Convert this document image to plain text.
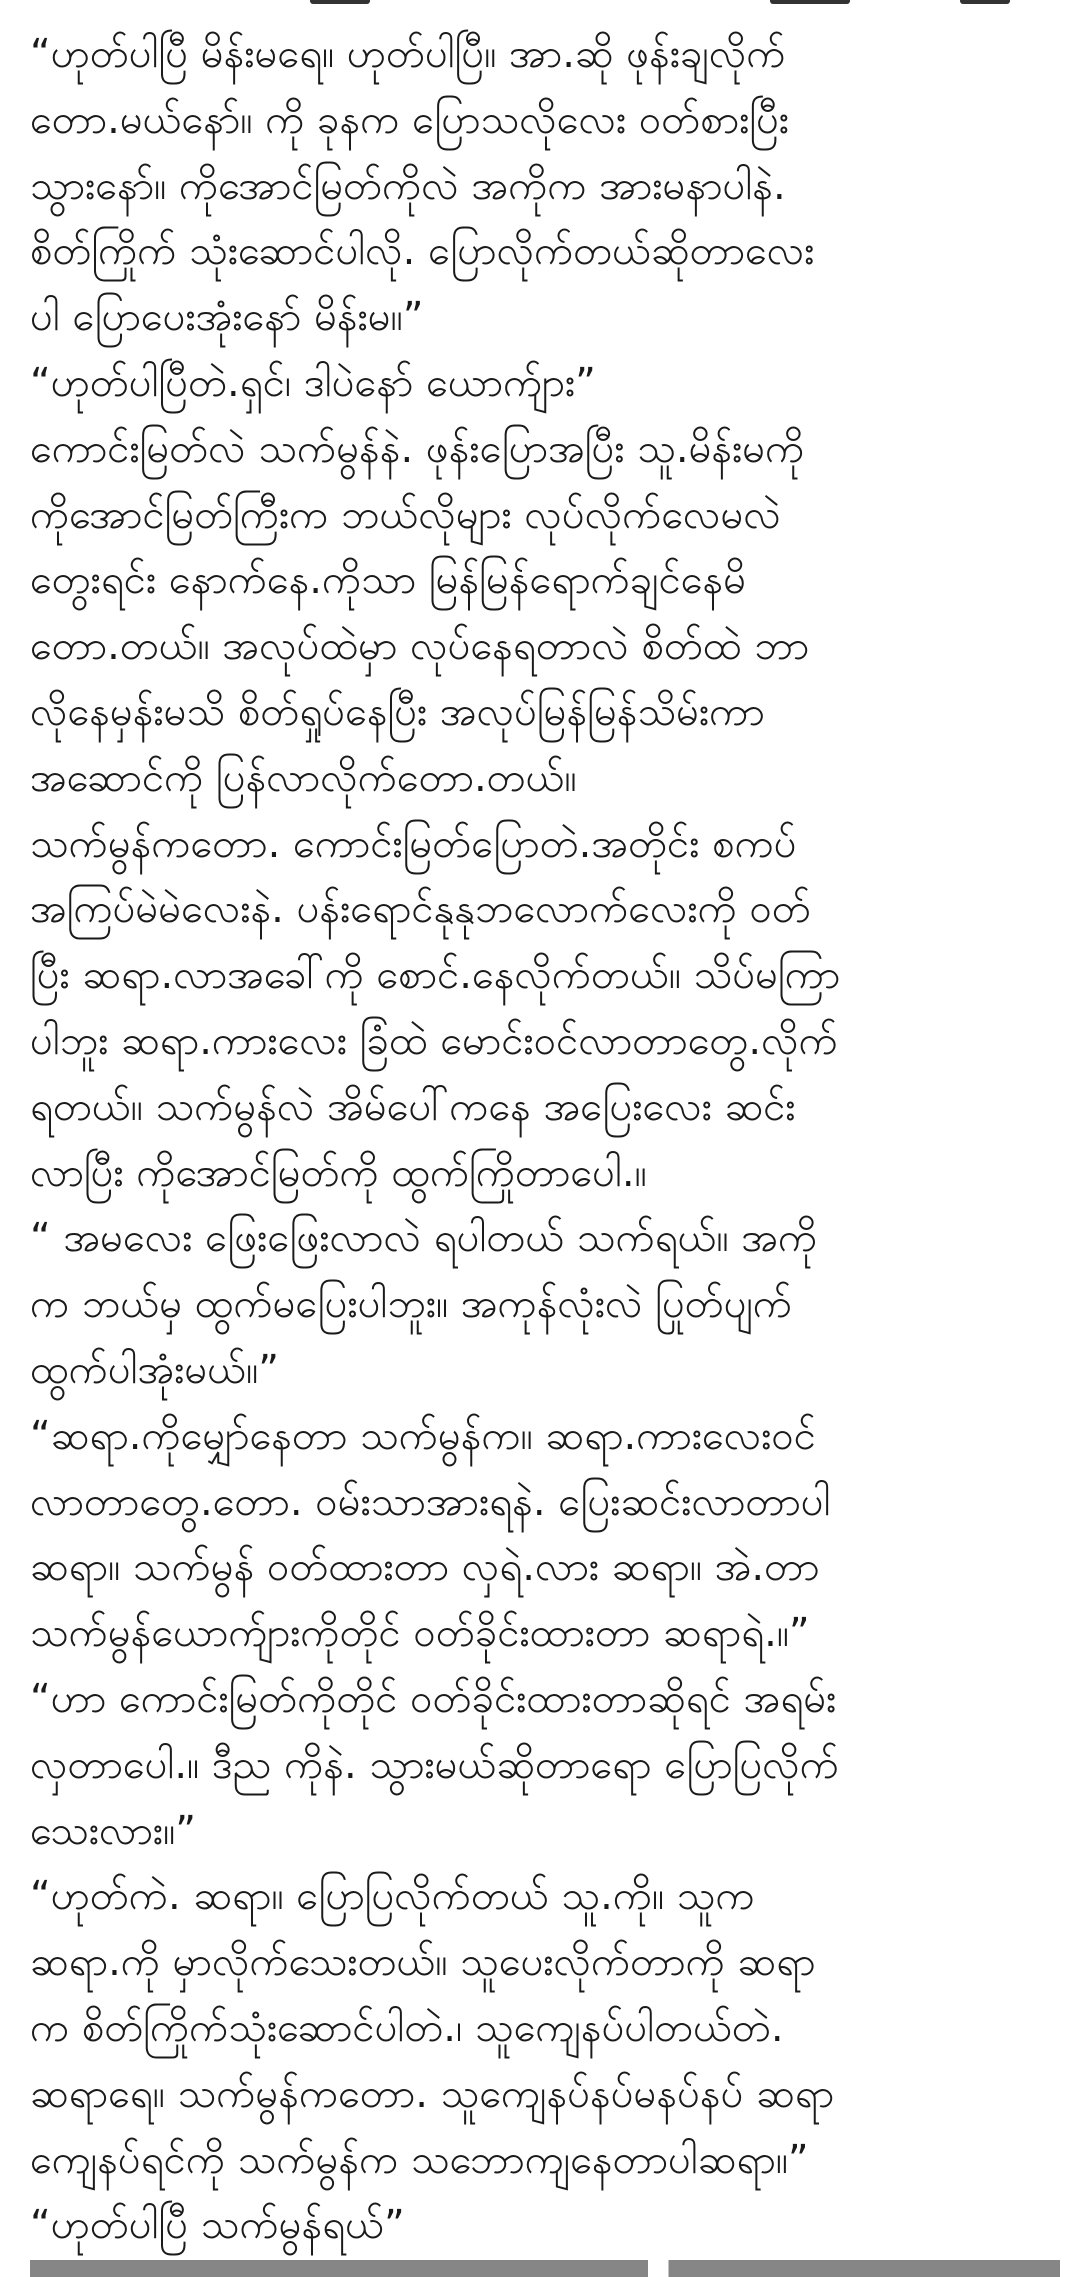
“ဟုတ်ပါပြီ မိန်းမရေ။ ဟုတ်ပါပြီ။ အာ.ဆို ဖုန်းချလိုက်
တော.မယ်နော်။ ကို ခုနက ပြောသလိုလေး ဝတ်စားပြီး
သွားနော်။ ကိုအောင်မြတ်ကိုလဲ အကိုက အားမနာပါနဲ.
စိတ်ကြိုက် သုံးဆောင်ပါလို. ပြောလိုက်တယ်ဆိုတာလေး
ပါ ပြောပေးအုံးနော် မိန်းမ။”
“ဟုတ်ပါပြီတဲ.ရှင်၊ ဒါပဲနော် ယောက်ျား”
ကောင်းမြတ်လဲ သက်မွန်နဲ. ဖုန်းပြောအပြီး သူ.မိန်းမကို
ကိုအောင်မြတ်ကြီးက ဘယ်လိုများ လုပ်လိုက်လေမလဲ
တွေးရင်း နောက်နေ.ကိုသာ မြန်မြန်ရောက်ချင်နေမိ
တော.တယ်။ အလုပ်ထဲမှာ လုပ်နေရတာလဲ စိတ်ထဲ ဘာ
လိုနေမှန်းမသိ စိတ်ရှုပ်နေပြီး အလုပ်မြန်မြန်သိမ်းကာ
အဆောင်ကို ပြန်လာလိုက်တော.တယ်။
သက်မွန်ကတော. ကောင်းမြတ်ပြောတဲ.အတိုင်း စကပ်
အကြပ်မဲမဲလေးနဲ. ပန်းရောင်နုနုဘလောက်လေးကို ဝတ်
ပြီး ဆရာ.လာအခေါ်ကို စောင်.နေလိုက်တယ်။ သိပ်မကြာ
ပါဘူး ဆရာ.ကားလေး ခြံထဲ မောင်းဝင်လာတာတွေ.လိုက်
ရတယ်။ သက်မွန်လဲ အိမ်ပေါ်ကနေ အပြေးလေး ဆင်း
လာပြီး ကိုအောင်မြတ်ကို ထွက်ကြိုတာပေါ.။
“ အမလေး ဖြေးဖြေးလာလဲ ရပါတယ် သက်ရယ်။ အကို
က ဘယ်မှ ထွက်မပြေးပါဘူး။ အကုန်လုံးလဲ ပြုတ်ပျက်
ထွက်ပါအုံးမယ်။”
“ဆရာ.ကိုမျှော်နေတာ သက်မွန်က။ ဆရာ.ကားလေးဝင်
လာတာတွေ.တော. ဝမ်းသာအားရနဲ. ပြေးဆင်းလာတာပါ
ဆရာ။ သက်မွန် ဝတ်ထားတာ လှရဲ.လား ဆရာ။ အဲ.တာ
သက်မွန်ယောက်ျားကိုတိုင် ဝတ်ခိုင်းထားတာ ဆရာရဲ.။”
“ဟာ ကောင်းမြတ်ကိုတိုင် ဝတ်ခိုင်းထားတာဆိုရင် အရမ်း
လှတာပေါ.။ ဒီည ကိုနဲ. သွားမယ်ဆိုတာရော ပြောပြလိုက်
သေးလား။”
“ဟုတ်ကဲ. ဆရာ။ ပြောပြလိုက်တယ် သူ.ကို။ သူက
ဆရာ.ကို မှာလိုက်သေးတယ်။ သူပေးလိုက်တာကို ဆရာ
က စိတ်ကြိုက်သုံးဆောင်ပါတဲ.၊ သူကျေနပ်ပါတယ်တဲ.
ဆရာရေ။ သက်မွန်ကတော. သူကျေနပ်နပ်မနပ်နပ် ဆရာ
ကျေနပ်ရင်ကို သက်မွန်က သဘောကျနေတာပါဆရာ။”
“ဟုတ်ပါပြီ သက်မွန်ရယ်”
